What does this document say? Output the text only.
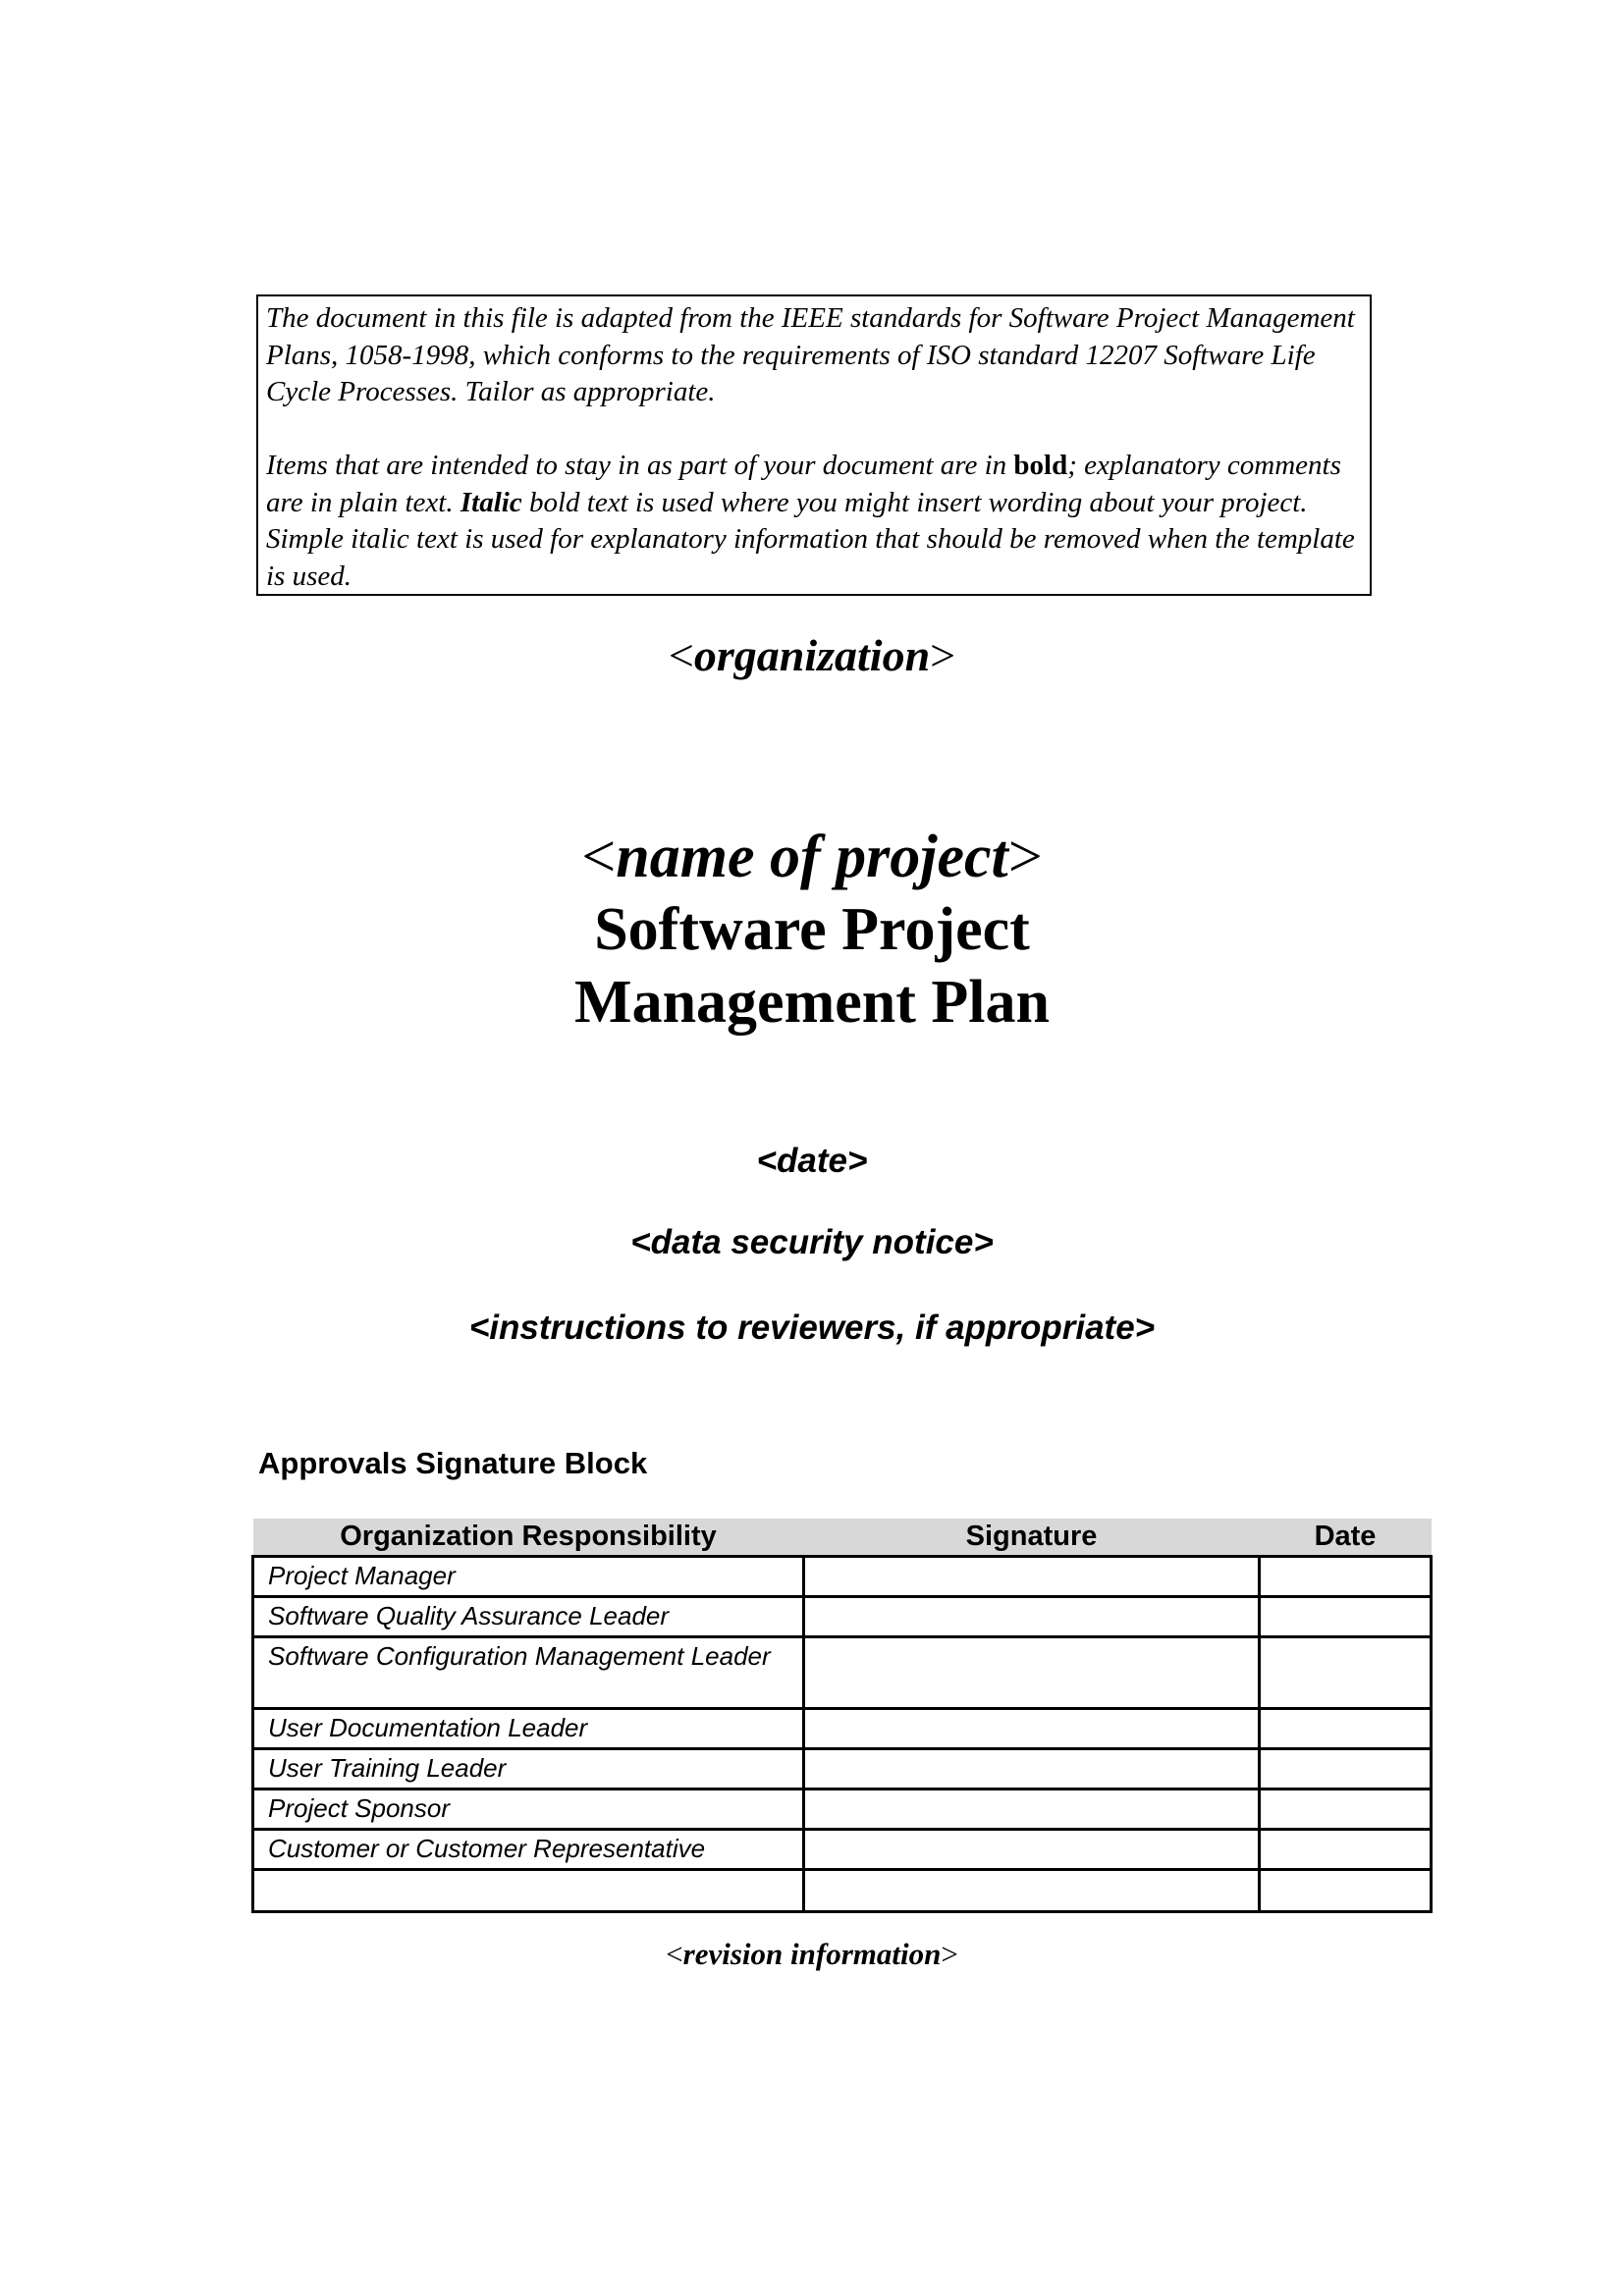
The document in this file is adapted from the IEEE standards for Software Project Management Plans, 1058-1998, which conforms to the requirements of ISO standard 12207 Software Life Cycle Processes. Tailor as appropriate.

Items that are intended to stay in as part of your document are in bold; explanatory comments are in plain text. Italic bold text is used where you might insert wording about your project. Simple italic text is used for explanatory information that should be removed when the template is used.

<organization>
<name of project>
Software Project
Management Plan
<date>
<data security notice>
<instructions to reviewers, if appropriate>
Approvals Signature Block
Organization Responsibility	Signature	Date
Project Manager		
Software Quality Assurance Leader		
Software Configuration Management Leader		
User Documentation Leader		
User Training Leader		
Project Sponsor		
Customer or Customer Representative		

<revision information>
